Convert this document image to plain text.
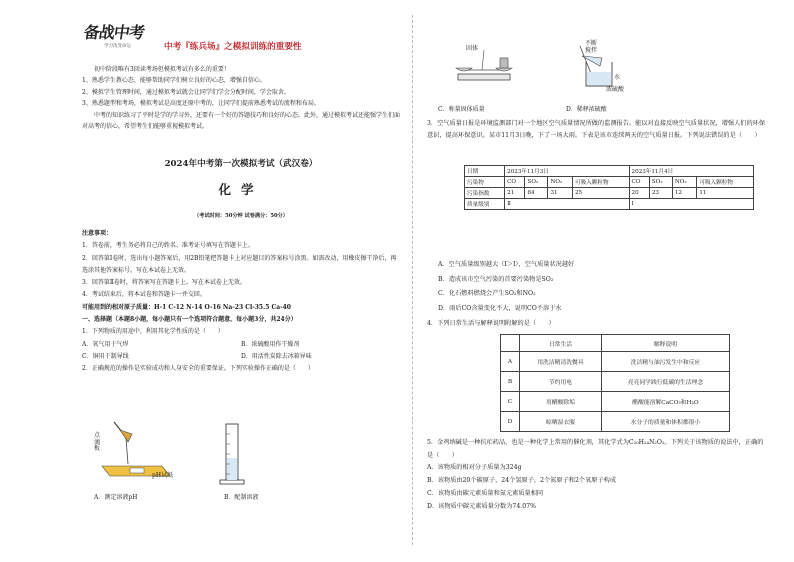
备战中考
学习改变命运	中考『练兵场』之模拟训练的重要性

初中阶段唯有3回读考场但模拟考试有多么的重要！

1、熟悉学生教心态，能够帮助同学们树立良好的心态，增强自信心。

2、模拟学生管理时间，通过模拟考试就会让同学们学会分配时间，学会取舍。

3、熟悉题型和考场，模拟考试是高度还原中考的，让同学们提前熟悉考试的流程和布局。

中考的知识练习了平时是学的学习外，还要有一个好的答题技巧和良好的心态。此外，通过模拟考试还能强学生们面对高考的信心，希望考生们能够重视模拟考试。

2024年中考第一次模拟考试（武汉卷）
化学
（考试时间：50分钟 试卷满分：50分）

注意事项：

1．答卷前，考生务必将自己的姓名、准考证号填写在答题卡上。

2．回答第Ⅰ卷时，选出每小题答案后，用2B铅笔把答题卡上对应题目的答案标号涂黑。如需改动，用橡皮擦干净后，再选涂其他答案标号。写在本试卷上无效。

3．回答第Ⅱ卷时，将答案写在答题卡上。写在本试卷上无效。

4．考试结束后，将本试卷和答题卡一并交回。

可能用到的相对原子质量：H-1 C-12 N-14 O-16 Na-23 Cl-35.5 Ca-40

一、选择题（本题8小题，每小题只有一个选项符合题意，每小题3分，共24分）

1．下列物质的用途中，利用其化学性质的是（　　）

A．氧气用于气焊	B．浓硫酸用作干燥剂
C．铜用于制导线	D．用活性炭除去冰箱异味

2．正确规范的操作是实验成功和人身安全的重要保证。下列实验操作正确的是（　　）

点滴板
pH试纸
A．测定溶液pH	B．配制溶液
固体
不断搅拌
水
浓硫酸
C．称量固体质量	D．稀释浓硫酸

3．空气质量日报是环境监测部门对一个地区空气质量情况所做的监测报告。能以对直接反映空气质量状况，增强人们的环保意识，提高环保意识。某市11月3日晚，下了一场大雨。下表是该市连续两天的空气质量日报。下列说法错误的是（　　）

日期	2023年11月3日				2023年11月4日			
污染物	CO	SO₂	NO₂	可吸入颗粒物	CO	SO₂	NO₂	可吸入颗粒物
污染指数	21	84	31	25	20	23	12	11
质量级别	Ⅱ				Ⅰ			

A．空气质量级别越大（Ⅰ＞Ⅰ），空气质量状况越好

B．造成该市空气污染的首要污染物是SO₂

C．化石燃料燃烧会产生SO₂和NO₂

D．雨后CO含量变化不大，说明CO不溶于水

4．下列日常生活与解释说明附解的是（　　）

	日常生活	解释说明
A	用洗洁精清洗餐具	洗洁精与油污发生中和反应
B	节约用电	亮亮同学践行低碳的生活理念
C	用醋酸除垢	醋酸能溶解CaCO₃和H₂O
D	晾晒湿衣服	水分子的质量和体积都很小

5．金鸡纳碱是一种抗疟药品，也是一种化学上常用的催化剂，其化学式为C₂₀H₂₄N₂O₂。下列关于该物质的说法中，正确的是（　　）

A．该物质的相对分子质量为324g

B．该物质由20个碳原子，24个氢原子，2个氮原子和2个氧原子构成

C．该物质由碳元素质量和氮元素质量相同

D．该物质中碳元素质量分数为74.07%
